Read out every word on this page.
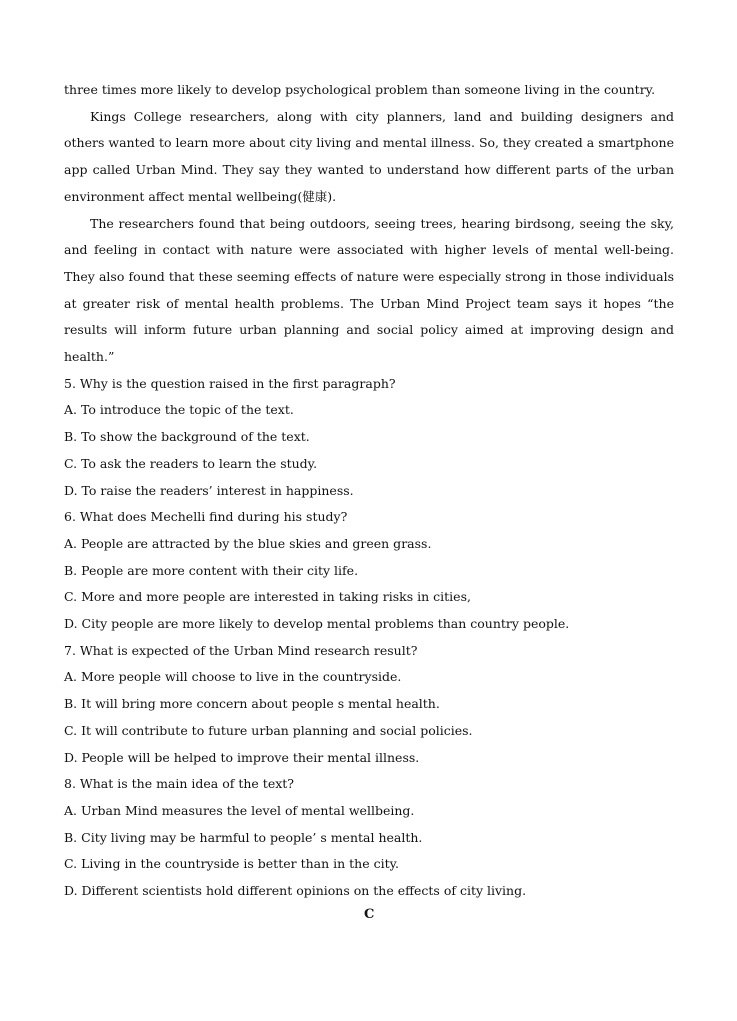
three times more likely to develop psychological problem than someone living in the country.

Kings College researchers, along with city planners, land and building designers and others wanted to learn more about city living and mental illness. So, they created a smartphone app called Urban Mind. They say they wanted to understand how different parts of the urban environment affect mental wellbeing(健康).

The researchers found that being outdoors, seeing trees, hearing birdsong, seeing the sky, and feeling in contact with nature were associated with higher levels of mental well-being. They also found that these seeming effects of nature were especially strong in those individuals at greater risk of mental health problems. The Urban Mind Project team says it hopes “the results will inform future urban planning and social policy aimed at improving design and health.”

5. Why is the question raised in the first paragraph?

A. To introduce the topic of the text.

B. To show the background of the text.

C. To ask the readers to learn the study.

D. To raise the readers’ interest in happiness.

6. What does Mechelli find during his study?

A. People are attracted by the blue skies and green grass.

B. People are more content with their city life.

C. More and more people are interested in taking risks in cities,

D. City people are more likely to develop mental problems than country people.

7. What is expected of the Urban Mind research result?

A. More people will choose to live in the countryside.

B. It will bring more concern about people s mental health.

C. It will contribute to future urban planning and social policies.

D. People will be helped to improve their mental illness.

8. What is the main idea of the text?

A. Urban Mind measures the level of mental wellbeing.

B. City living may be harmful to people’ s mental health.

C. Living in the countryside is better than in the city.

D. Different scientists hold different opinions on the effects of city living.

C
